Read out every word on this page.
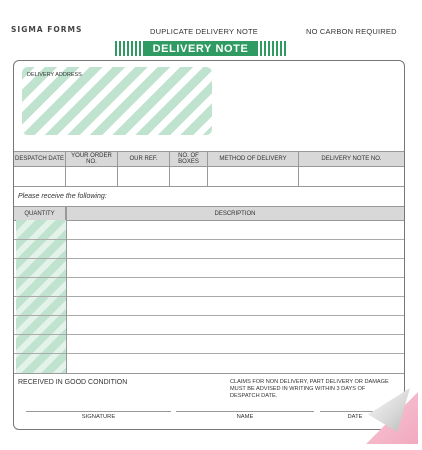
SIGMA FORMS	DUPLICATE DELIVERY NOTE	NO CARBON REQUIRED
DELIVERY NOTE
DELIVERY ADDRESS
DESPATCH DATE	YOUR ORDER NO.	OUR REF.	NO. OF BOXES	METHOD OF DELIVERY	DELIVERY NOTE NO.
Please receive the following:
QUANTITY	DESCRIPTION
RECEIVED IN GOOD CONDITION	CLAIMS FOR NON DELIVERY, PART DELIVERY OR DAMAGE MUST BE ADVISED IN WRITING WITHIN 3 DAYS OF DESPATCH DATE.
SIGNATURE	NAME	DATE
